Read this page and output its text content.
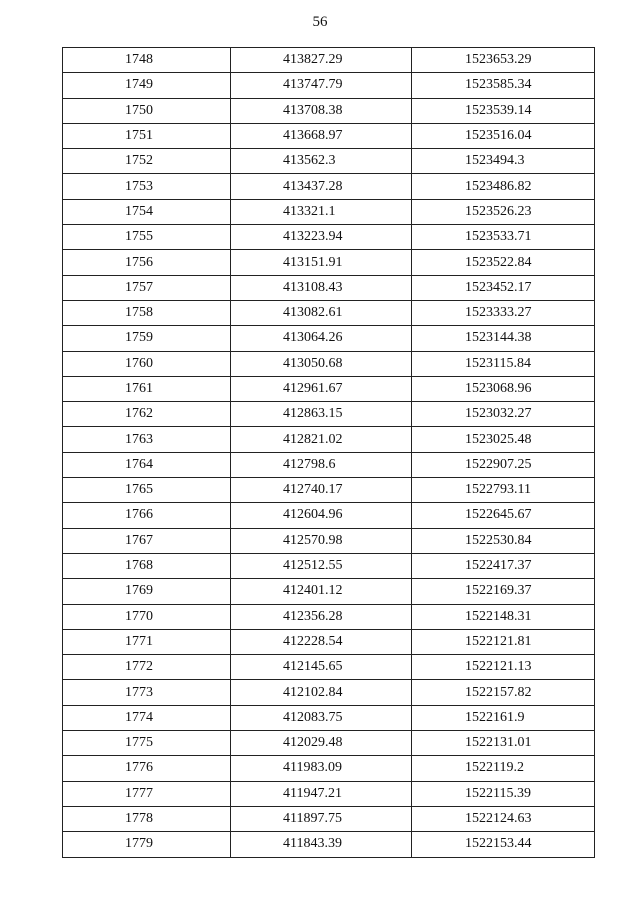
56
1748	413827.29	1523653.29
1749	413747.79	1523585.34
1750	413708.38	1523539.14
1751	413668.97	1523516.04
1752	413562.3	1523494.3
1753	413437.28	1523486.82
1754	413321.1	1523526.23
1755	413223.94	1523533.71
1756	413151.91	1523522.84
1757	413108.43	1523452.17
1758	413082.61	1523333.27
1759	413064.26	1523144.38
1760	413050.68	1523115.84
1761	412961.67	1523068.96
1762	412863.15	1523032.27
1763	412821.02	1523025.48
1764	412798.6	1522907.25
1765	412740.17	1522793.11
1766	412604.96	1522645.67
1767	412570.98	1522530.84
1768	412512.55	1522417.37
1769	412401.12	1522169.37
1770	412356.28	1522148.31
1771	412228.54	1522121.81
1772	412145.65	1522121.13
1773	412102.84	1522157.82
1774	412083.75	1522161.9
1775	412029.48	1522131.01
1776	411983.09	1522119.2
1777	411947.21	1522115.39
1778	411897.75	1522124.63
1779	411843.39	1522153.44
